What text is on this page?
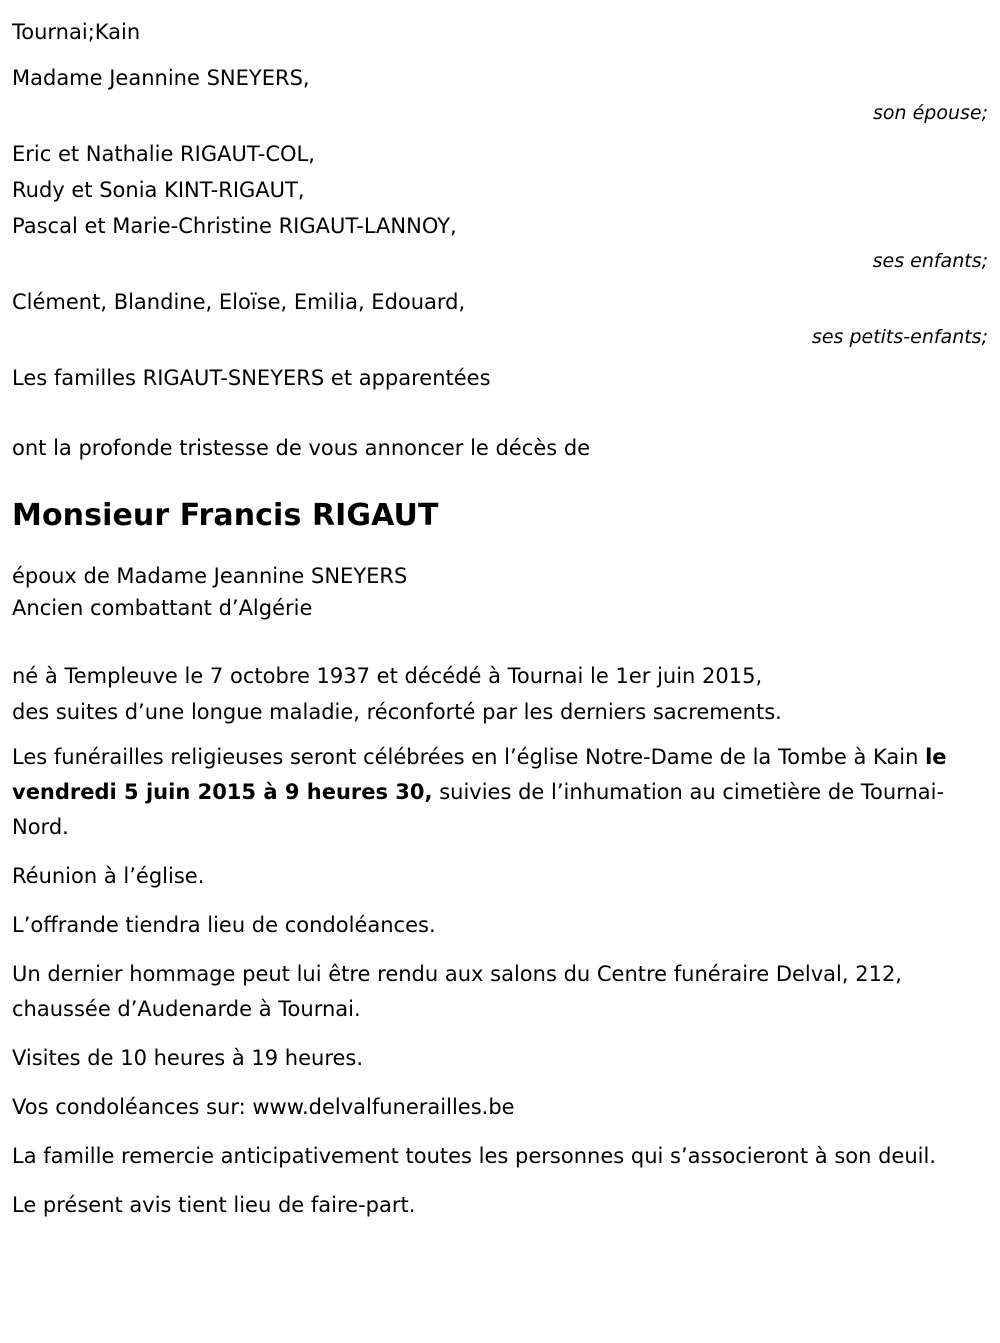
Tournai;Kain
Madame Jeannine SNEYERS,
son épouse;
Eric et Nathalie RIGAUT-COL,
Rudy et Sonia KINT-RIGAUT,
Pascal et Marie-Christine RIGAUT-LANNOY,
ses enfants;
Clément, Blandine, Eloïse, Emilia, Edouard,
ses petits-enfants;
Les familles RIGAUT-SNEYERS et apparentées
ont la profonde tristesse de vous annoncer le décès de
Monsieur Francis RIGAUT
époux de Madame Jeannine SNEYERS
Ancien combattant d’Algérie
né à Templeuve le 7 octobre 1937 et décédé à Tournai le 1er juin 2015,
des suites d’une longue maladie, réconforté par les derniers sacrements.
Les funérailles religieuses seront célébrées en l’église Notre-Dame de la Tombe à Kain le vendredi 5 juin 2015 à 9 heures 30, suivies de l’inhumation au cimetière de Tournai-Nord.
Réunion à l’église.
L’offrande tiendra lieu de condoléances.
Un dernier hommage peut lui être rendu aux salons du Centre funéraire Delval, 212, chaussée d’Audenarde à Tournai.
Visites de 10 heures à 19 heures.
Vos condoléances sur: www.delvalfunerailles.be
La famille remercie anticipativement toutes les personnes qui s’associeront à son deuil.
Le présent avis tient lieu de faire-part.
